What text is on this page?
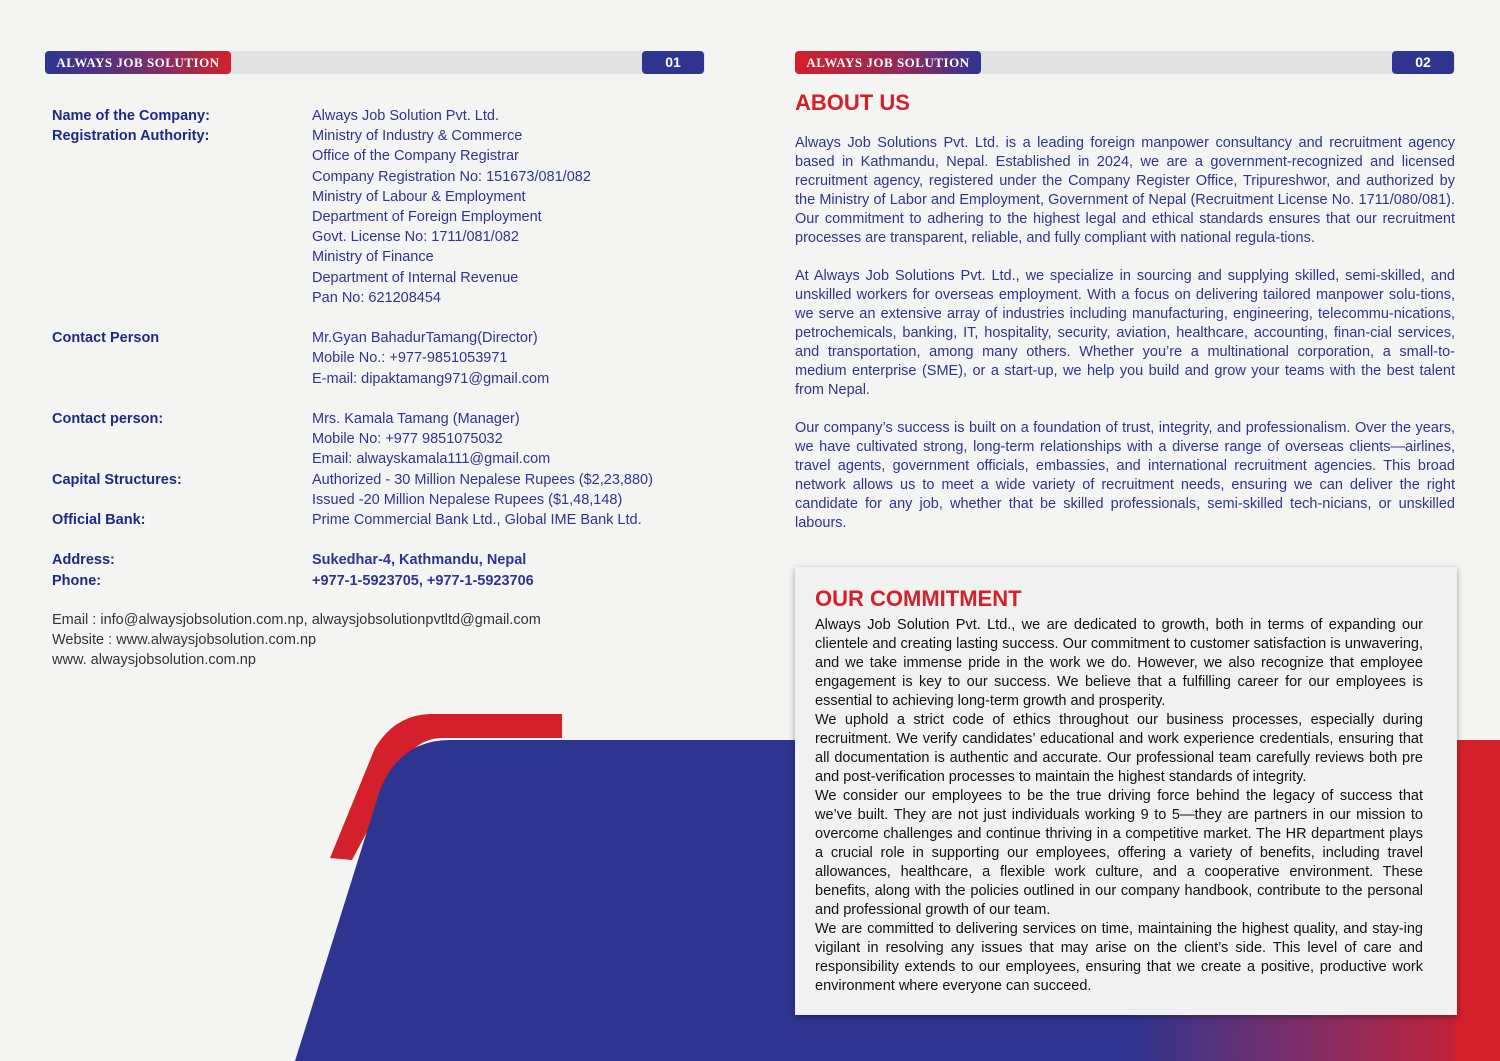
ALWAYS JOB SOLUTION	01	ALWAYS JOB SOLUTION	02
Name of the Company:	Always Job Solution Pvt. Ltd.
Registration Authority:	Ministry of Industry & Commerce
Office of the Company Registrar
Company Registration No: 151673/081/082
Ministry of Labour & Employment
Department of Foreign Employment
Govt. License No: 1711/081/082
Ministry of Finance
Department of Internal Revenue
Pan No: 621208454
Contact Person	Mr.Gyan BahadurTamang(Director)
Mobile No.: +977-9851053971
E-mail: dipaktamang971@gmail.com
Contact person:	Mrs. Kamala Tamang (Manager)
Mobile No: +977 9851075032
Email: alwayskamala111@gmail.com
Capital Structures:	Authorized - 30 Million Nepalese Rupees ($2,23,880)
Issued -20 Million Nepalese Rupees ($1,48,148)
Official Bank:	Prime Commercial Bank Ltd., Global IME Bank Ltd.
Address:	Sukedhar-4, Kathmandu, Nepal
Phone:	+977-1-5923705, +977-1-5923706
Email : info@alwaysjobsolution.com.np, alwaysjobsolutionpvtltd@gmail.com
Website : www.alwaysjobsolution.com.np
www. alwaysjobsolution.com.np
ABOUT US

Always Job Solutions Pvt. Ltd. is a leading foreign manpower consultancy and recruitment agency based in Kathmandu, Nepal. Established in 2024, we are a government-recognized and licensed recruitment agency, registered under the Company Register Office, Tripureshwor, and authorized by the Ministry of Labor and Employment, Government of Nepal (Recruitment License No. 1711/080/081). Our commitment to adhering to the highest legal and ethical standards ensures that our recruitment processes are transparent, reliable, and fully compliant with national regula-tions.

At Always Job Solutions Pvt. Ltd., we specialize in sourcing and supplying skilled, semi-skilled, and unskilled workers for overseas employment. With a focus on delivering tailored manpower solu-tions, we serve an extensive array of industries including manufacturing, engineering, telecommu-nications, petrochemicals, banking, IT, hospitality, security, aviation, healthcare, accounting, finan-cial services, and transportation, among many others. Whether you’re a multinational corporation, a small-to-medium enterprise (SME), or a start-up, we help you build and grow your teams with the best talent from Nepal.

Our company’s success is built on a foundation of trust, integrity, and professionalism. Over the years, we have cultivated strong, long-term relationships with a diverse range of overseas clients—airlines, travel agents, government officials, embassies, and international recruitment agencies. This broad network allows us to meet a wide variety of recruitment needs, ensuring we can deliver the right candidate for any job, whether that be skilled professionals, semi-skilled tech-nicians, or unskilled labours.

OUR COMMITMENT

Always Job Solution Pvt. Ltd., we are dedicated to growth, both in terms of expanding our clientele and creating lasting success. Our commitment to customer satisfaction is unwavering, and we take immense pride in the work we do. However, we also recognize that employee engagement is key to our success. We believe that a fulfilling career for our employees is essential to achieving long-term growth and prosperity.

We uphold a strict code of ethics throughout our business processes, especially during recruitment. We verify candidates’ educational and work experience credentials, ensuring that all documentation is authentic and accurate. Our professional team carefully reviews both pre and post-verification processes to maintain the highest standards of integrity.

We consider our employees to be the true driving force behind the legacy of success that we’ve built. They are not just individuals working 9 to 5—they are partners in our mission to overcome challenges and continue thriving in a competitive market. The HR department plays a crucial role in supporting our employees, offering a variety of benefits, including travel allowances, healthcare, a flexible work culture, and a cooperative environment. These benefits, along with the policies outlined in our company handbook, contribute to the personal and professional growth of our team.

We are committed to delivering services on time, maintaining the highest quality, and stay-ing vigilant in resolving any issues that may arise on the client’s side. This level of care and responsibility extends to our employees, ensuring that we create a positive, productive work environment where everyone can succeed.
